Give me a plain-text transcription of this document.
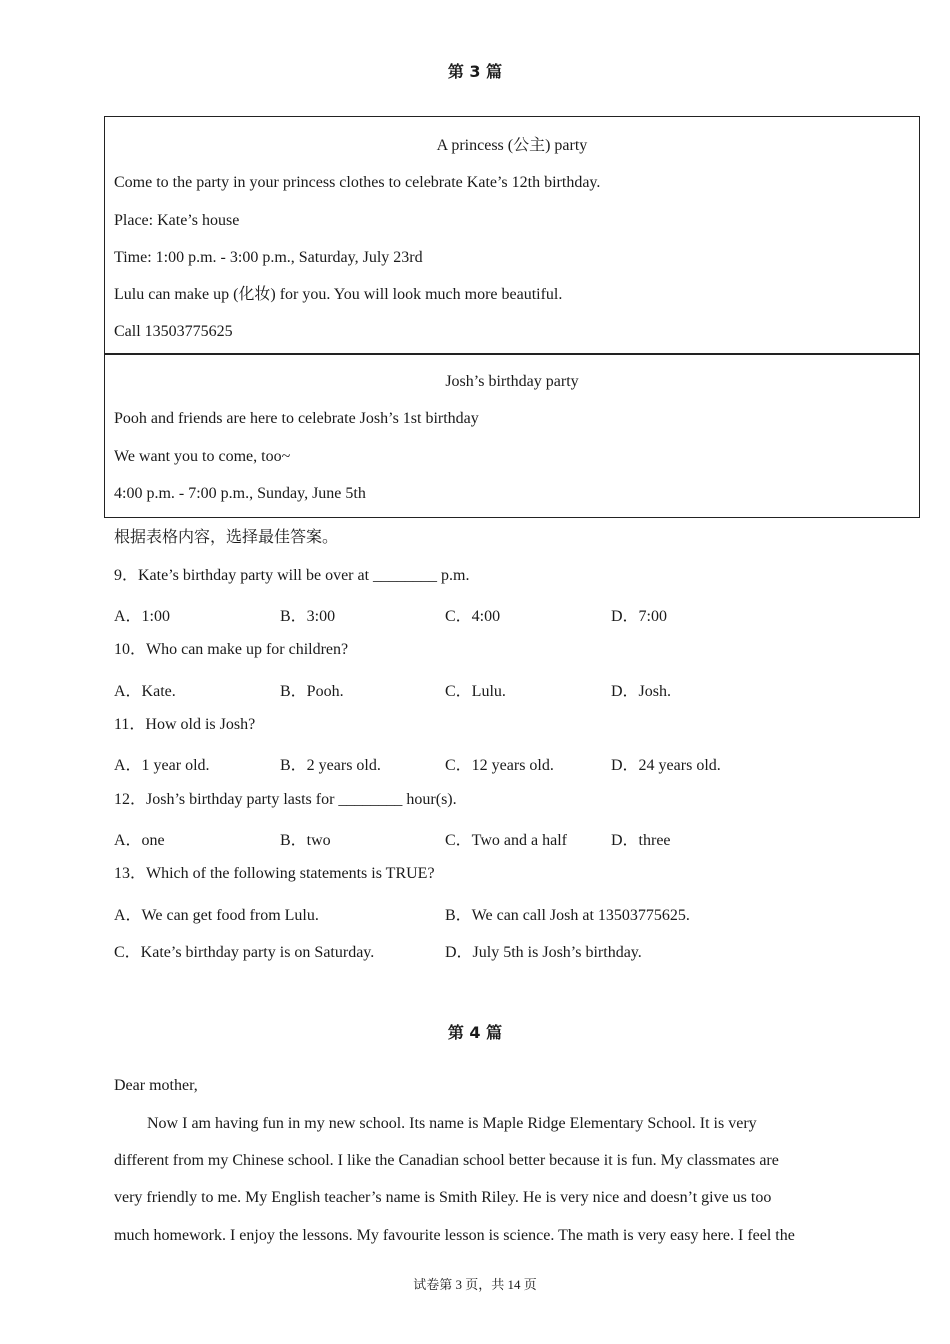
第 3 篇
A princess (公主) party
Come to the party in your princess clothes to celebrate Kate’s 12th birthday.
Place: Kate’s house
Time: 1:00 p.m. - 3:00 p.m., Saturday, July 23rd
Lulu can make up (化妆) for you. You will look much more beautiful.
Call 13503775625
Josh’s birthday party
Pooh and friends are here to celebrate Josh’s 1st birthday
We want you to come, too~
4:00 p.m. - 7:00 p.m., Sunday, June 5th
根据表格内容，选择最佳答案。
9．Kate’s birthday party will be over at ________ p.m.
A．1:00	B．3:00	C．4:00	D．7:00
10．Who can make up for children?
A．Kate.	B．Pooh.	C．Lulu.	D．Josh.
11．How old is Josh?
A．1 year old.	B．2 years old.	C．12 years old.	D．24 years old.
12．Josh’s birthday party lasts for ________ hour(s).
A．one	B．two	C．Two and a half	D．three
13．Which of the following statements is TRUE?
A．We can get food from Lulu.	B．We can call Josh at 13503775625.
C．Kate’s birthday party is on Saturday.	D．July 5th is Josh’s birthday.
第 4 篇
Dear mother,
Now I am having fun in my new school. Its name is Maple Ridge Elementary School. It is very
different from my Chinese school. I like the Canadian school better because it is fun. My classmates are
very friendly to me. My English teacher’s name is Smith Riley. He is very nice and doesn’t give us too
much homework. I enjoy the lessons. My favourite lesson is science. The math is very easy here. I feel the
试卷第 3 页，共 14 页
